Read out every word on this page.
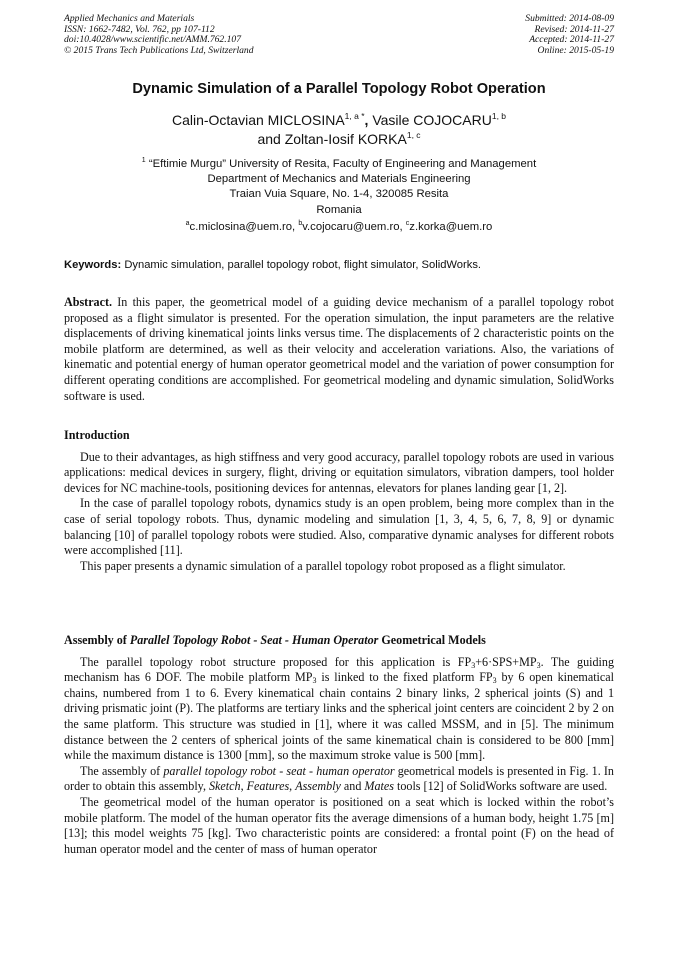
Applied Mechanics and Materials
ISSN: 1662-7482, Vol. 762, pp 107-112
doi:10.4028/www.scientific.net/AMM.762.107
© 2015 Trans Tech Publications Ltd, Switzerland
Submitted: 2014-08-09
Revised: 2014-11-27
Accepted: 2014-11-27
Online: 2015-05-19
Dynamic Simulation of a Parallel Topology Robot Operation
Calin-Octavian $MICLOSINA^{1, a *}$, Vasile COJOCARU$^{1, b}$
and Zoltan-Iosif KORKA$^{1, c}$
$^1$ “Eftimie Murgu” University of Resita, Faculty of Engineering and Management
Department of Mechanics and Materials Engineering
Traian Vuia Square, No. 1-4, 320085 Resita
Romania
$^a$c.miclosina@uem.ro, $^b$v.cojocaru@uem.ro, $^c$z.korka@uem.ro
Keywords: Dynamic simulation, parallel topology robot, flight simulator, SolidWorks.

Abstract. In this paper, the geometrical model of a guiding device mechanism of a parallel topology robot proposed as a flight simulator is presented. For the operation simulation, the input parameters are the relative displacements of driving kinematical joints links versus time. The displacements of 2 characteristic points on the mobile platform are determined, as well as their velocity and acceleration variations. Also, the variations of kinematic and potential energy of human operator geometrical model and the variation of power consumption for different operating conditions are accomplished. For geometrical modeling and dynamic simulation, SolidWorks software is used.

Introduction

Due to their advantages, as high stiffness and very good accuracy, parallel topology robots are used in various applications: medical devices in surgery, flight, driving or equitation simulators, vibration dampers, tool holder devices for NC machine-tools, positioning devices for antennas, elevators for planes landing gear [1, 2].

In the case of parallel topology robots, dynamics study is an open problem, being more complex than in the case of serial topology robots. Thus, dynamic modeling and simulation [1, 3, 4, 5, 6, 7, 8, 9] or dynamic balancing [10] of parallel topology robots were studied. Also, comparative dynamic analyses for different robots were accomplished [11].

This paper presents a dynamic simulation of a parallel topology robot proposed as a flight simulator.

Assembly of Parallel Topology Robot - Seat - Human Operator Geometrical Models

The parallel topology robot structure proposed for this application is $FP_3+6\cdot SPS+MP_3$. The guiding mechanism has 6 DOF. The mobile platform $MP_3$ is linked to the fixed platform $FP_3$ by 6 open kinematical chains, numbered from 1 to 6. Every kinematical chain contains 2 binary links, 2 spherical joints (S) and 1 driving prismatic joint (P). The platforms are tertiary links and the spherical joint centers are coincident 2 by 2 on the same platform. This structure was studied in [1], where it was called MSSM, and in [5]. The minimum distance between the 2 centers of spherical joints of the same kinematical chain is considered to be 800 [mm] while the maximum distance is 1300 [mm], so the maximum stroke value is 500 [mm].

The assembly of parallel topology robot - seat - human operator geometrical models is presented in Fig. 1. In order to obtain this assembly, Sketch, Features, Assembly and Mates tools [12] of SolidWorks software are used.

The geometrical model of the human operator is positioned on a seat which is locked within the robot’s mobile platform. The model of the human operator fits the average dimensions of a human body, height 1.75 [m] [13]; this model weights 75 [kg]. Two characteristic points are considered: a frontal point (F) on the head of human operator model and the center of mass of human operator
